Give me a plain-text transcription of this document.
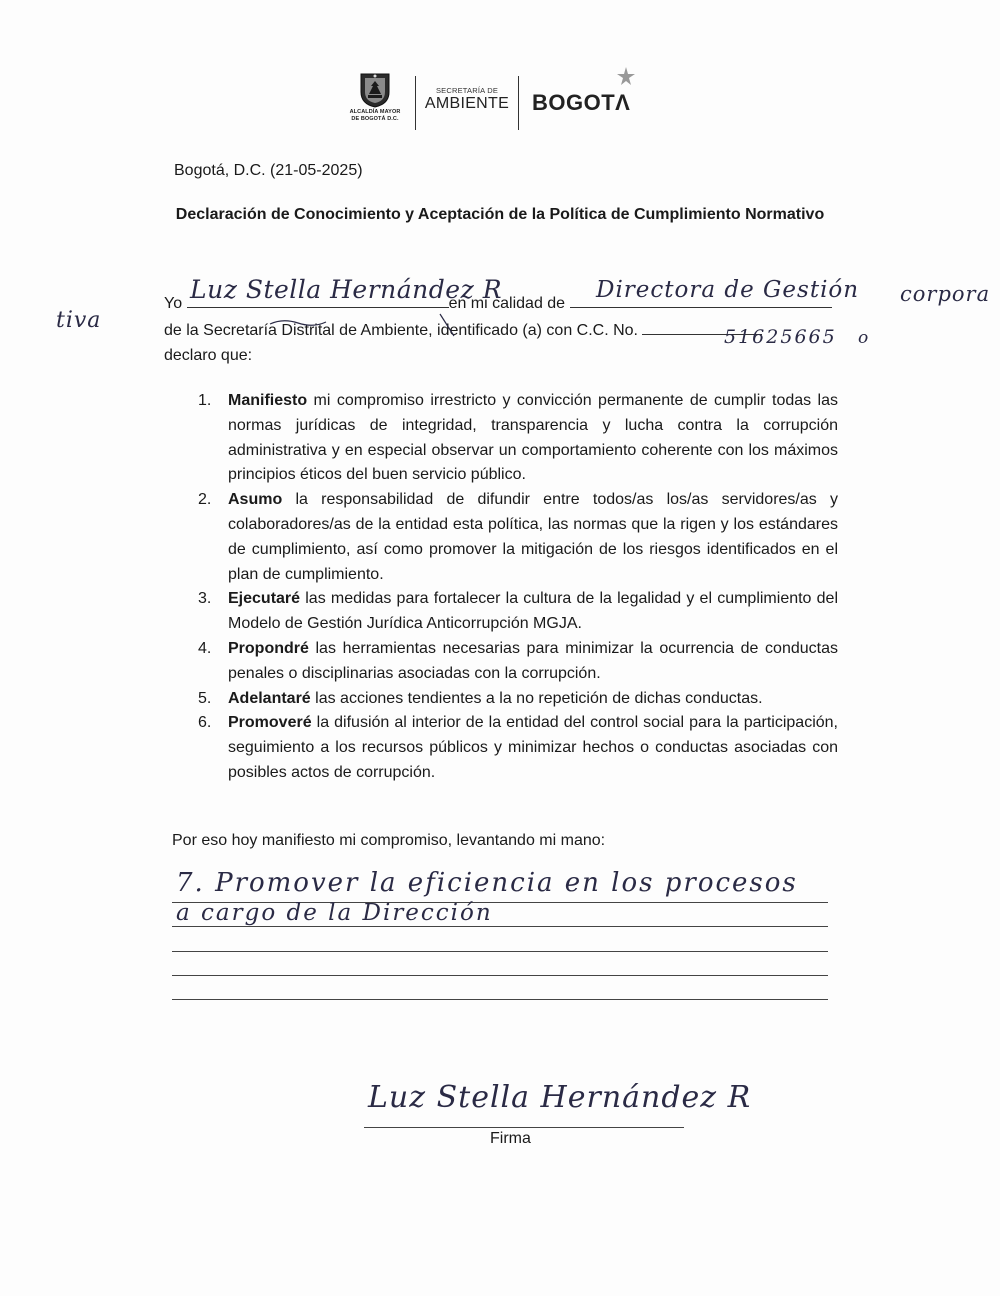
ALCALDÍA MAYOR
DE BOGOTÁ D.C.
SECRETARÍA DE
AMBIENTE BOGOTΛ
Bogotá, D.C. (21-05-2025)
Declaración de Conocimiento y Aceptación de la Política de Cumplimiento Normativo
Yo	en mi calidad de
de la Secretaría Distrital de Ambiente, identificado (a) con C.C. No.
declaro que:
Luz Stella Hernández R	Directora de Gestión corpora
tiva
51625665 o
1. Manifiesto mi compromiso irrestricto y convicción permanente de cumplir todas las normas jurídicas de integridad, transparencia y lucha contra la corrupción administrativa y en especial observar un comportamiento coherente con los máximos principios éticos del buen servicio público.
2. Asumo la responsabilidad de difundir entre todos/as los/as servidores/as y colaboradores/as de la entidad esta política, las normas que la rigen y los estándares de cumplimiento, así como promover la mitigación de los riesgos identificados en el plan de cumplimiento.
3. Ejecutaré las medidas para fortalecer la cultura de la legalidad y el cumplimiento del Modelo de Gestión Jurídica Anticorrupción MGJA.
4. Propondré las herramientas necesarias para minimizar la ocurrencia de conductas penales o disciplinarias asociadas con la corrupción.
5. Adelantaré las acciones tendientes a la no repetición de dichas conductas.
6. Promoveré la difusión al interior de la entidad del control social para la participación, seguimiento a los recursos públicos y minimizar hechos o conductas asociadas con posibles actos de corrupción.
Por eso hoy manifiesto mi compromiso, levantando mi mano:
7. Promover la eficiencia en los procesos
a cargo de la Dirección
Luz Stella Hernández R
Firma
